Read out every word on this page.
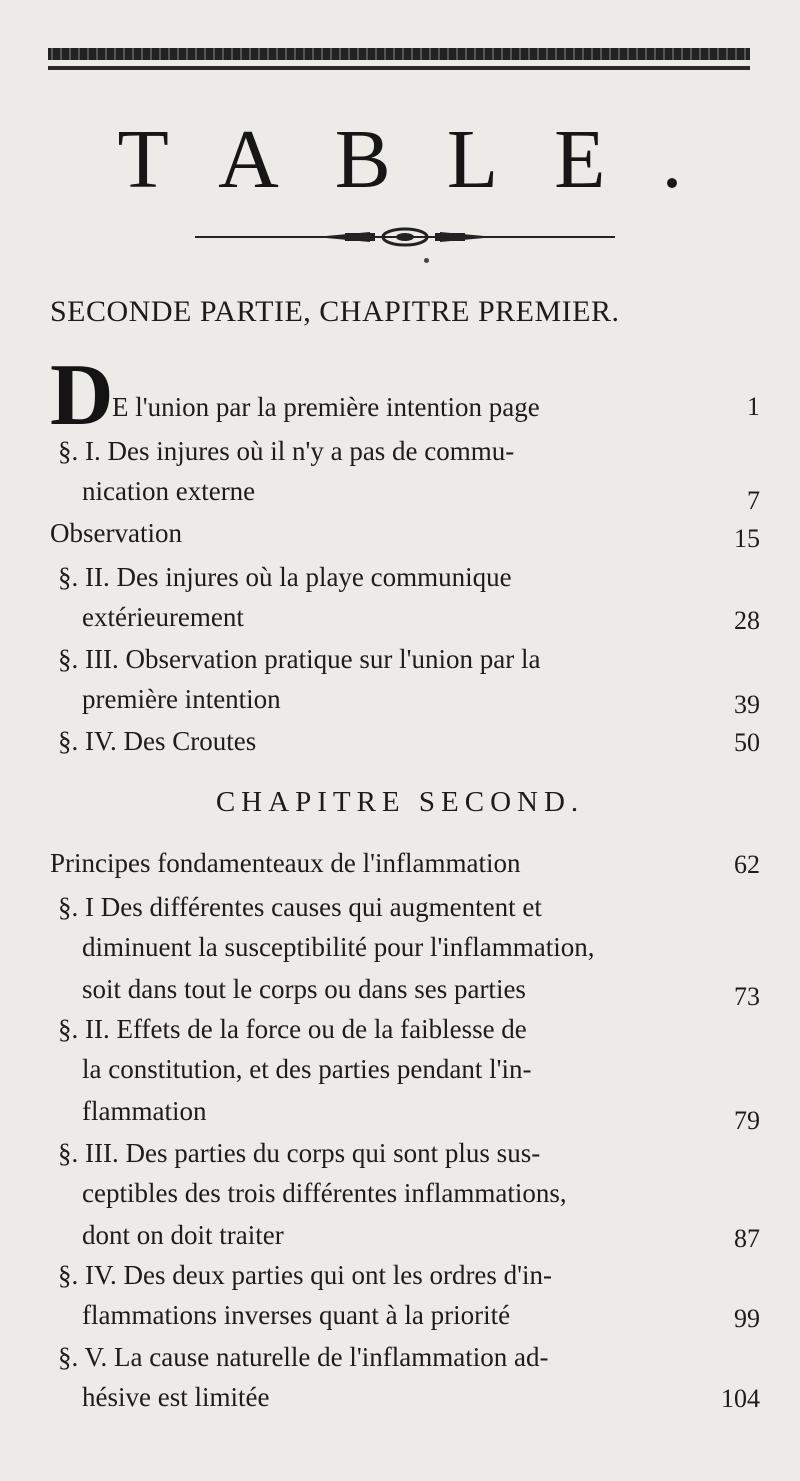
TABLE.
SECONDE PARTIE, CHAPITRE PREMIER.
D
E l'union par la première intention page	1
§. I. Des injures où il n'y a pas de commu-
nication externe	7
Observation	15
§. II. Des injures où la playe communique
extérieurement	28
§. III. Observation pratique sur l'union par la
première intention	39
§. IV. Des Croutes	50
CHAPITRE SECOND.
Principes fondamenteaux de l'inflammation	62
§. I Des différentes causes qui augmentent et
diminuent la susceptibilité pour l'inflammation,
soit dans tout le corps ou dans ses parties	73
§. II. Effets de la force ou de la faiblesse de
la constitution, et des parties pendant l'in-
flammation	79
§. III. Des parties du corps qui sont plus sus-
ceptibles des trois différentes inflammations,
dont on doit traiter	87
§. IV. Des deux parties qui ont les ordres d'in-
flammations inverses quant à la priorité	99
§. V. La cause naturelle de l'inflammation ad-
hésive est limitée	104
